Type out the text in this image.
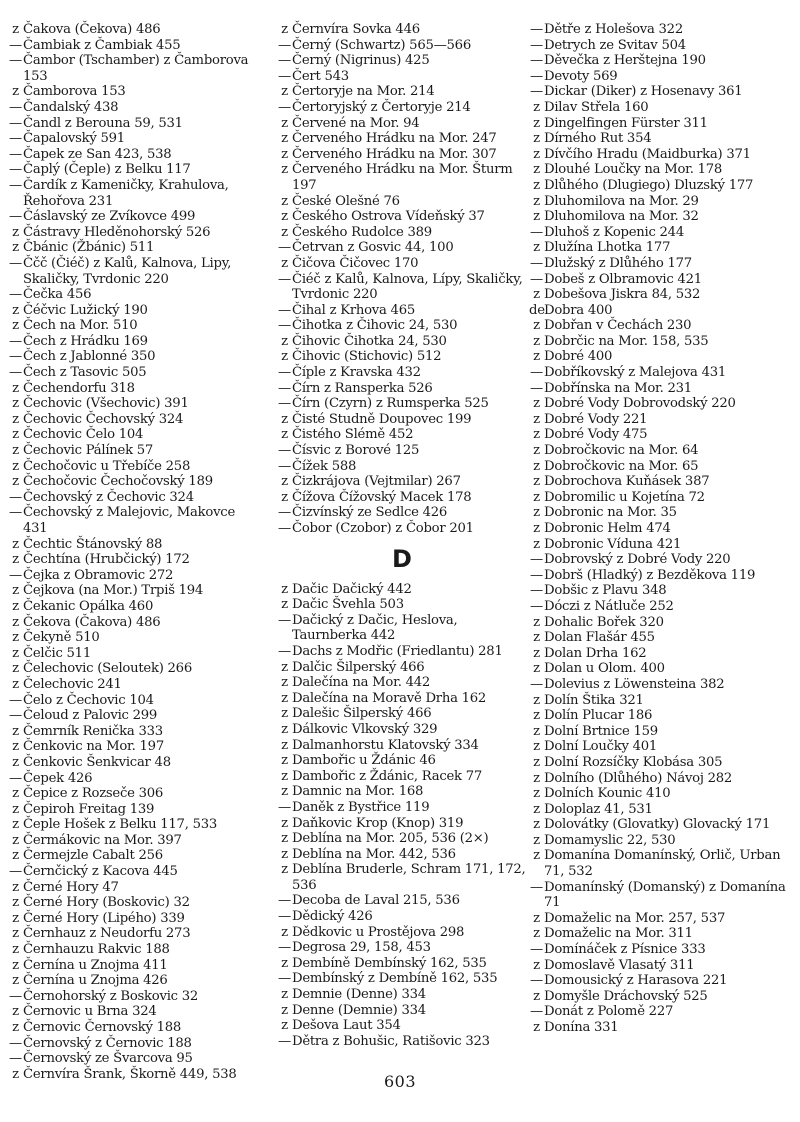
z Čakova (Čekova) 486
—Čambiak z Čambiak 455
—Čambor (Tschamber) z Čamborova 153
z Čamborova 153
—Čandalský 438
—Čandl z Berouna 59, 531
—Čapalovský 591
—Čapek ze San 423, 538
—Čaplý (Čeple) z Belku 117
—Čardík z Kameničky, Krahulova, Řehořova 231
—Čáslavský ze Zvíkovce 499
z Částravy Hleděnohorský 526
z Čbánic (Žbánic) 511
—Ččč (Čiéč) z Kalů, Kalnova, Lipy, Skaličky, Tvrdonic 220
—Čečka 456
z Čéčvic Lužický 190
z Čech na Mor. 510
—Čech z Hrádku 169
—Čech z Jablonné 350
—Čech z Tasovic 505
z Čechendorfu 318
z Čechovic (Všechovic) 391
z Čechovic Čechovský 324
z Čechovic Čelo 104
z Čechovic Pálínek 57
z Čechočovic u Třebíče 258
z Čechočovic Čechočovský 189
—Čechovský z Čechovic 324
—Čechovský z Malejovic, Makovce 431
z Čechtic Štánovský 88
z Čechtína (Hrubčický) 172
—Čejka z Obramovic 272
z Čejkova (na Mor.) Trpiš 194
z Čekanic Opálka 460
z Čekova (Čakova) 486
z Čekyně 510
z Čelčic 511
z Čelechovic (Seloutek) 266
z Čelechovic 241
—Čelo z Čechovic 104
—Čeloud z Palovic 299
z Čemrník Renička 333
z Čenkovic na Mor. 197
z Čenkovic Šenkvicar 48
—Čepek 426
z Čepice z Rozseče 306
z Čepiroh Freitag 139
z Čeple Hošek z Belku 117, 533
z Čermákovic na Mor. 397
z Čermejzle Cabalt 256
—Černčický z Kacova 445
z Černé Hory 47
z Černé Hory (Boskovic) 32
z Černé Hory (Lipého) 339
z Černhauz z Neudorfu 273
z Černhauzu Rakvic 188
z Černína u Znojma 411
z Černína u Znojma 426
—Černohorský z Boskovic 32
z Černovic u Brna 324
z Černovic Černovský 188
—Černovský z Černovic 188
—Černovský ze Švarcova 95
z Černvíra Šrank, Škorně 449, 538
z Černvíra Sovka 446
—Černý (Schwartz) 565—566
—Černý (Nigrinus) 425
—Čert 543
z Čertoryje na Mor. 214
—Čertoryjský z Čertoryje 214
z Červené na Mor. 94
z Červeného Hrádku na Mor. 247
z Červeného Hrádku na Mor. 307
z Červeného Hrádku na Mor. Šturm 197
z České Olešné 76
z Českého Ostrova Vídeňský 37
z Českého Rudolce 389
—Četrvan z Gosvic 44, 100
z Čičova Čičovec 170
—Čiéč z Kalů, Kalnova, Lípy, Skaličky, Tvrdonic 220
—Čihal z Krhova 465
—Čihotka z Čihovic 24, 530
z Čihovic Čihotka 24, 530
z Čihovic (Stichovic) 512
—Číple z Kravska 432
—Čírn z Ransperka 526
—Čírn (Czyrn) z Rumsperka 525
z Čisté Studně Doupovec 199
z Čistého Slémě 452
—Čísvic z Borové 125
—Čížek 588
z Čizkrájova (Vejtmilar) 267
z Čížova Čížovský Macek 178
—Čizvínský ze Sedlce 426
—Čobor (Czobor) z Čobor 201
D
z Dačic Dačický 442
z Dačic Švehla 503
—Dačický z Dačic, Heslova, Taurnberka 442
—Dachs z Modřic (Friedlantu) 281
z Dalčic Šilperský 466
z Dalečína na Mor. 442
z Dalečína na Moravě Drha 162
z Dalešic Šilperský 466
z Dálkovic Vlkovský 329
z Dalmanhorstu Klatovský 334
z Dambořic u Ždánic 46
z Dambořic z Ždánic, Racek 77
z Damnic na Mor. 168
—Daněk z Bystřice 119
z Daňkovic Krop (Knop) 319
z Deblína na Mor. 205, 536 (2×)
z Deblína na Mor. 442, 536
z Deblína Bruderle, Schram 171, 172, 536
—Decoba de Laval 215, 536
—Dědický 426
z Dědkovic u Prostějova 298
—Degrosa 29, 158, 453
z Dembíně Dembínský 162, 535
—Dembínský z Dembíně 162, 535
z Demnie (Denne) 334
z Denne (Demnie) 334
z Dešova Laut 354
—Dětra z Bohušic, Ratišovic 323
—Dětře z Holešova 322
—Detrych ze Svitav 504
—Děvečka z Heršteјna 190
—Devoty 569
—Dickar (Diker) z Hosenavy 361
z Dilav Střela 160
z Dingelfingen Fürster 311
z Dírného Rut 354
z Dívčího Hradu (Maidburka) 371
z Dlouhé Loučky na Mor. 178
z Dlůhého (Dlugiego) Dluzský 177
z Dluhomilova na Mor. 29
z Dluhomilova na Mor. 32
—Dluhoš z Kopenic 244
z Dlužína Lhotka 177
—Dlužský z Dlůhého 177
—Dobeš z Olbramovic 421
z Dobešova Jiskra 84, 532
deDobra 400
z Dobřan v Čechách 230
z Dobrčic na Mor. 158, 535
z Dobré 400
—Dobříkovský z Malejova 431
—Dobřínska na Mor. 231
z Dobré Vody Dobrovodský 220
z Dobré Vody 221
z Dobré Vody 475
z Dobročkovic na Mor. 64
z Dobročkovic na Mor. 65
z Dobrochova Kuňásek 387
z Dobromilic u Kojetína 72
z Dobronic na Mor. 35
z Dobronic Helm 474
z Dobronic Víduna 421
—Dobrovský z Dobré Vody 220
—Dobrš (Hladký) z Bezděkova 119
—Dobšic z Plavu 348
—Dóczi z Nátluče 252
z Dohalic Bořek 320
z Dolan Flašár 455
z Dolan Drha 162
z Dolan u Olom. 400
—Dolevius z Löwensteina 382
z Dolín Štika 321
z Dolín Plucar 186
z Dolní Brtnice 159
z Dolní Loučky 401
z Dolní Rozsíčky Klobása 305
z Dolního (Dlůhého) Návoj 282
z Dolních Kounic 410
z Doloplaz 41, 531
z Dolovátky (Glovatky) Glovacký 171
z Domamyslic 22, 530
z Domanína Domanínský, Orlič, Urban 71, 532
—Domanínský (Domanský) z Domanína 71
z Domaželic na Mor. 257, 537
z Domaželic na Mor. 311
—Domínáček z Písnice 333
z Domoslavě Vlasatý 311
—Domousický z Harasova 221
z Domyšle Dráchovský 525
—Donát z Polomě 227
z Donína 331
603
